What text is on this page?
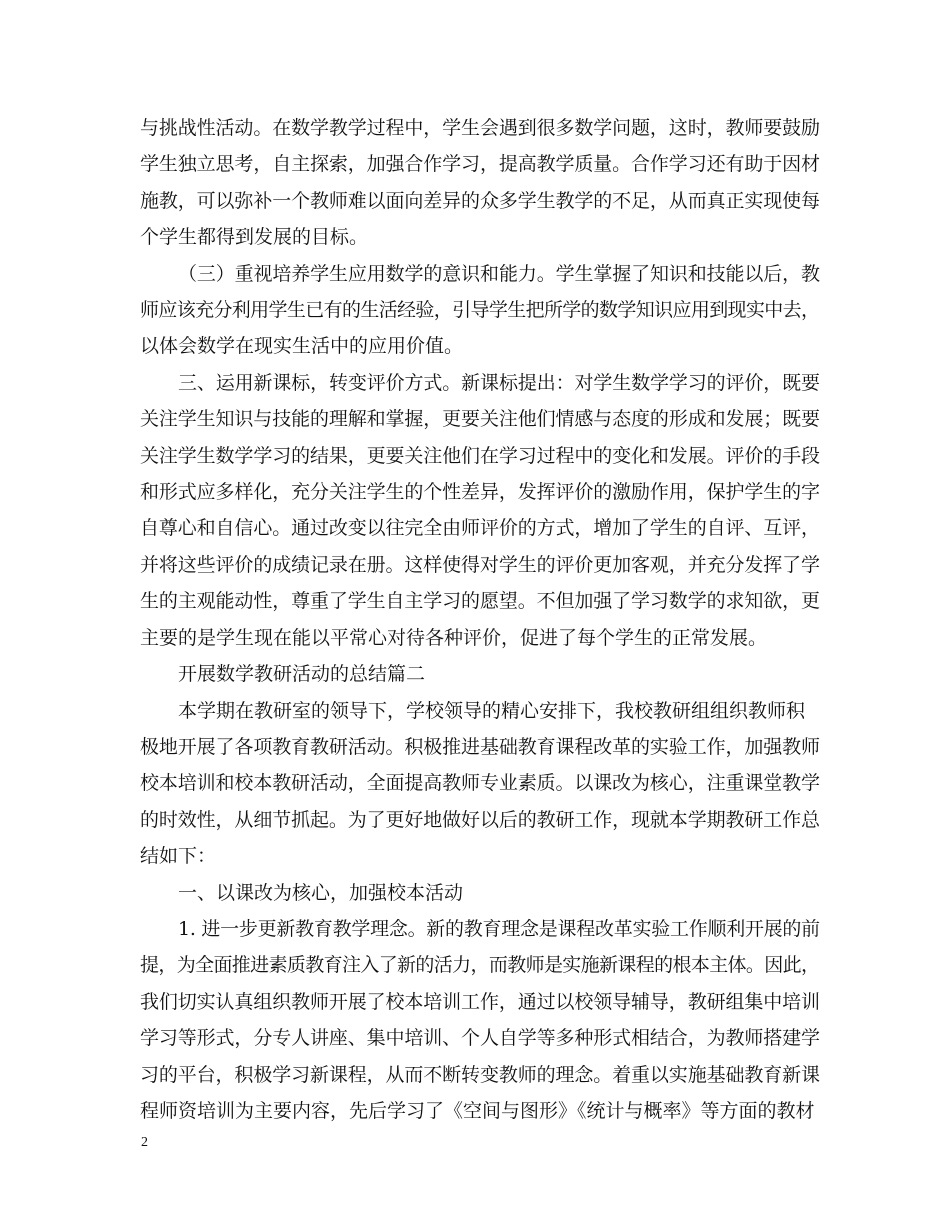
与挑战性活动。在数学教学过程中，学生会遇到很多数学问题，这时，教师要鼓励
学生独立思考，自主探索，加强合作学习，提高教学质量。合作学习还有助于因材
施教，可以弥补一个教师难以面向差异的众多学生教学的不足，从而真正实现使每
个学生都得到发展的目标。
（三）重视培养学生应用数学的意识和能力。学生掌握了知识和技能以后，教
师应该充分利用学生已有的生活经验，引导学生把所学的数学知识应用到现实中去，
以体会数学在现实生活中的应用价值。
三、运用新课标，转变评价方式。新课标提出：对学生数学学习的评价，既要
关注学生知识与技能的理解和掌握，更要关注他们情感与态度的形成和发展；既要
关注学生数学学习的结果，更要关注他们在学习过程中的变化和发展。评价的手段
和形式应多样化，充分关注学生的个性差异，发挥评价的激励作用，保护学生的字
自尊心和自信心。通过改变以往完全由师评价的方式，增加了学生的自评、互评，
并将这些评价的成绩记录在册。这样使得对学生的评价更加客观，并充分发挥了学
生的主观能动性，尊重了学生自主学习的愿望。不但加强了学习数学的求知欲，更
主要的是学生现在能以平常心对待各种评价，促进了每个学生的正常发展。
开展数学教研活动的总结篇二
本学期在教研室的领导下，学校领导的精心安排下，我校教研组组织教师积
极地开展了各项教育教研活动。积极推进基础教育课程改革的实验工作，加强教师
校本培训和校本教研活动，全面提高教师专业素质。以课改为核心，注重课堂教学
的时效性，从细节抓起。为了更好地做好以后的教研工作，现就本学期教研工作总
结如下：
一、以课改为核心，加强校本活动
1. 进一步更新教育教学理念。新的教育理念是课程改革实验工作顺利开展的前
提，为全面推进素质教育注入了新的活力，而教师是实施新课程的根本主体。因此，
我们切实认真组织教师开展了校本培训工作，通过以校领导辅导，教研组集中培训
学习等形式，分专人讲座、集中培训、个人自学等多种形式相结合，为教师搭建学
习的平台，积极学习新课程，从而不断转变教师的理念。着重以实施基础教育新课
程师资培训为主要内容，先后学习了《空间与图形》《统计与概率》等方面的教材
2
